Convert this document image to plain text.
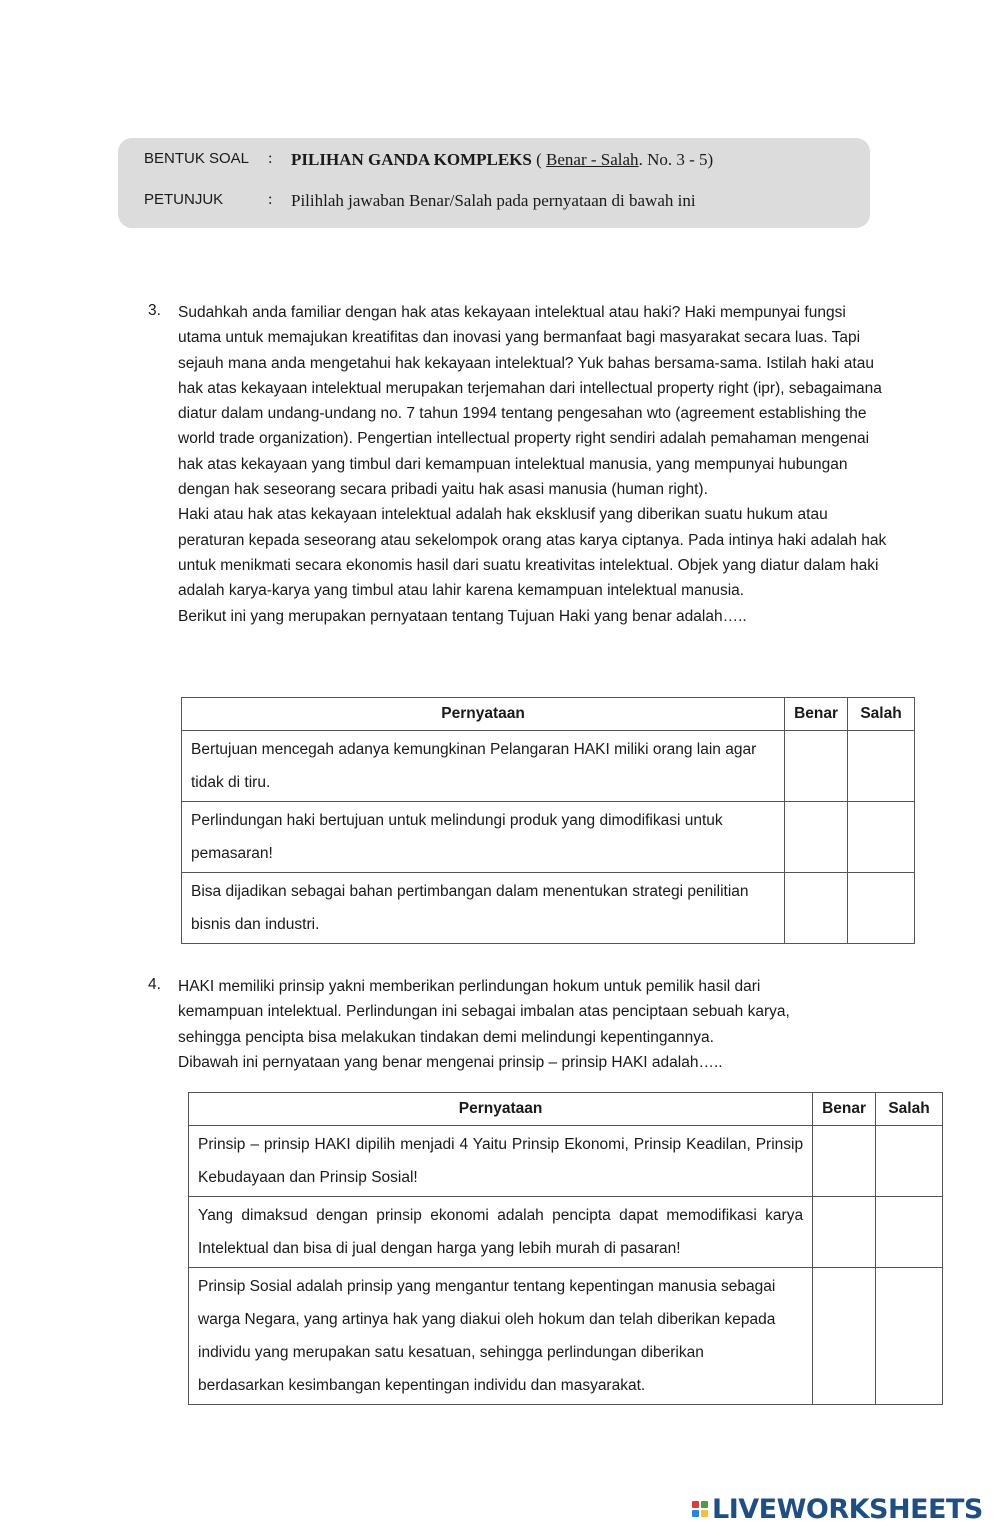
BENTUK SOAL	: PILIHAN GANDA KOMPLEKS ( Benar - Salah. No. 3 - 5)
PETUNJUK	: Pilihlah jawaban Benar/Salah pada pernyataan di bawah ini
3. Sudahkah anda familiar dengan hak atas kekayaan intelektual atau haki? Haki mempunyai fungsi utama untuk memajukan kreatifitas dan inovasi yang bermanfaat bagi masyarakat secara luas. Tapi sejauh mana anda mengetahui hak kekayaan intelektual? Yuk bahas bersama-sama. Istilah haki atau hak atas kekayaan intelektual merupakan terjemahan dari intellectual property right (ipr), sebagaimana diatur dalam undang-undang no. 7 tahun 1994 tentang pengesahan wto (agreement establishing the world trade organization). Pengertian intellectual property right sendiri adalah pemahaman mengenai hak atas kekayaan yang timbul dari kemampuan intelektual manusia, yang mempunyai hubungan dengan hak seseorang secara pribadi yaitu hak asasi manusia (human right).

Haki atau hak atas kekayaan intelektual adalah hak eksklusif yang diberikan suatu hukum atau peraturan kepada seseorang atau sekelompok orang atas karya ciptanya. Pada intinya haki adalah hak untuk menikmati secara ekonomis hasil dari suatu kreativitas intelektual. Objek yang diatur dalam haki adalah karya-karya yang timbul atau lahir karena kemampuan intelektual manusia.

Berikut ini yang merupakan pernyataan tentang Tujuan Haki yang benar adalah…..

Pernyataan	Benar	Salah
Bertujuan mencegah adanya kemungkinan Pelangaran HAKI miliki orang lain agar tidak di tiru.		
Perlindungan haki bertujuan untuk melindungi produk yang dimodifikasi untuk pemasaran!		
Bisa dijadikan sebagai bahan pertimbangan dalam menentukan strategi penilitian bisnis dan industri.		
4. HAKI memiliki prinsip yakni memberikan perlindungan hokum untuk pemilik hasil dari kemampuan intelektual. Perlindungan ini sebagai imbalan atas penciptaan sebuah karya, sehingga pencipta bisa melakukan tindakan demi melindungi kepentingannya.

Dibawah ini pernyataan yang benar mengenai prinsip – prinsip HAKI adalah…..

Pernyataan	Benar	Salah
Prinsip – prinsip HAKI dipilih menjadi 4 Yaitu Prinsip Ekonomi, Prinsip Keadilan, Prinsip Kebudayaan dan Prinsip Sosial!		
Yang dimaksud dengan prinsip ekonomi adalah pencipta dapat memodifikasi karya Intelektual dan bisa di jual dengan harga yang lebih murah di pasaran!		
Prinsip Sosial adalah prinsip yang mengantur tentang kepentingan manusia sebagai warga Negara, yang artinya hak yang diakui oleh hokum dan telah diberikan kepada individu yang merupakan satu kesatuan, sehingga perlindungan diberikan berdasarkan kesimbangan kepentingan individu dan masyarakat.		
LIVEWORKSHEETS
